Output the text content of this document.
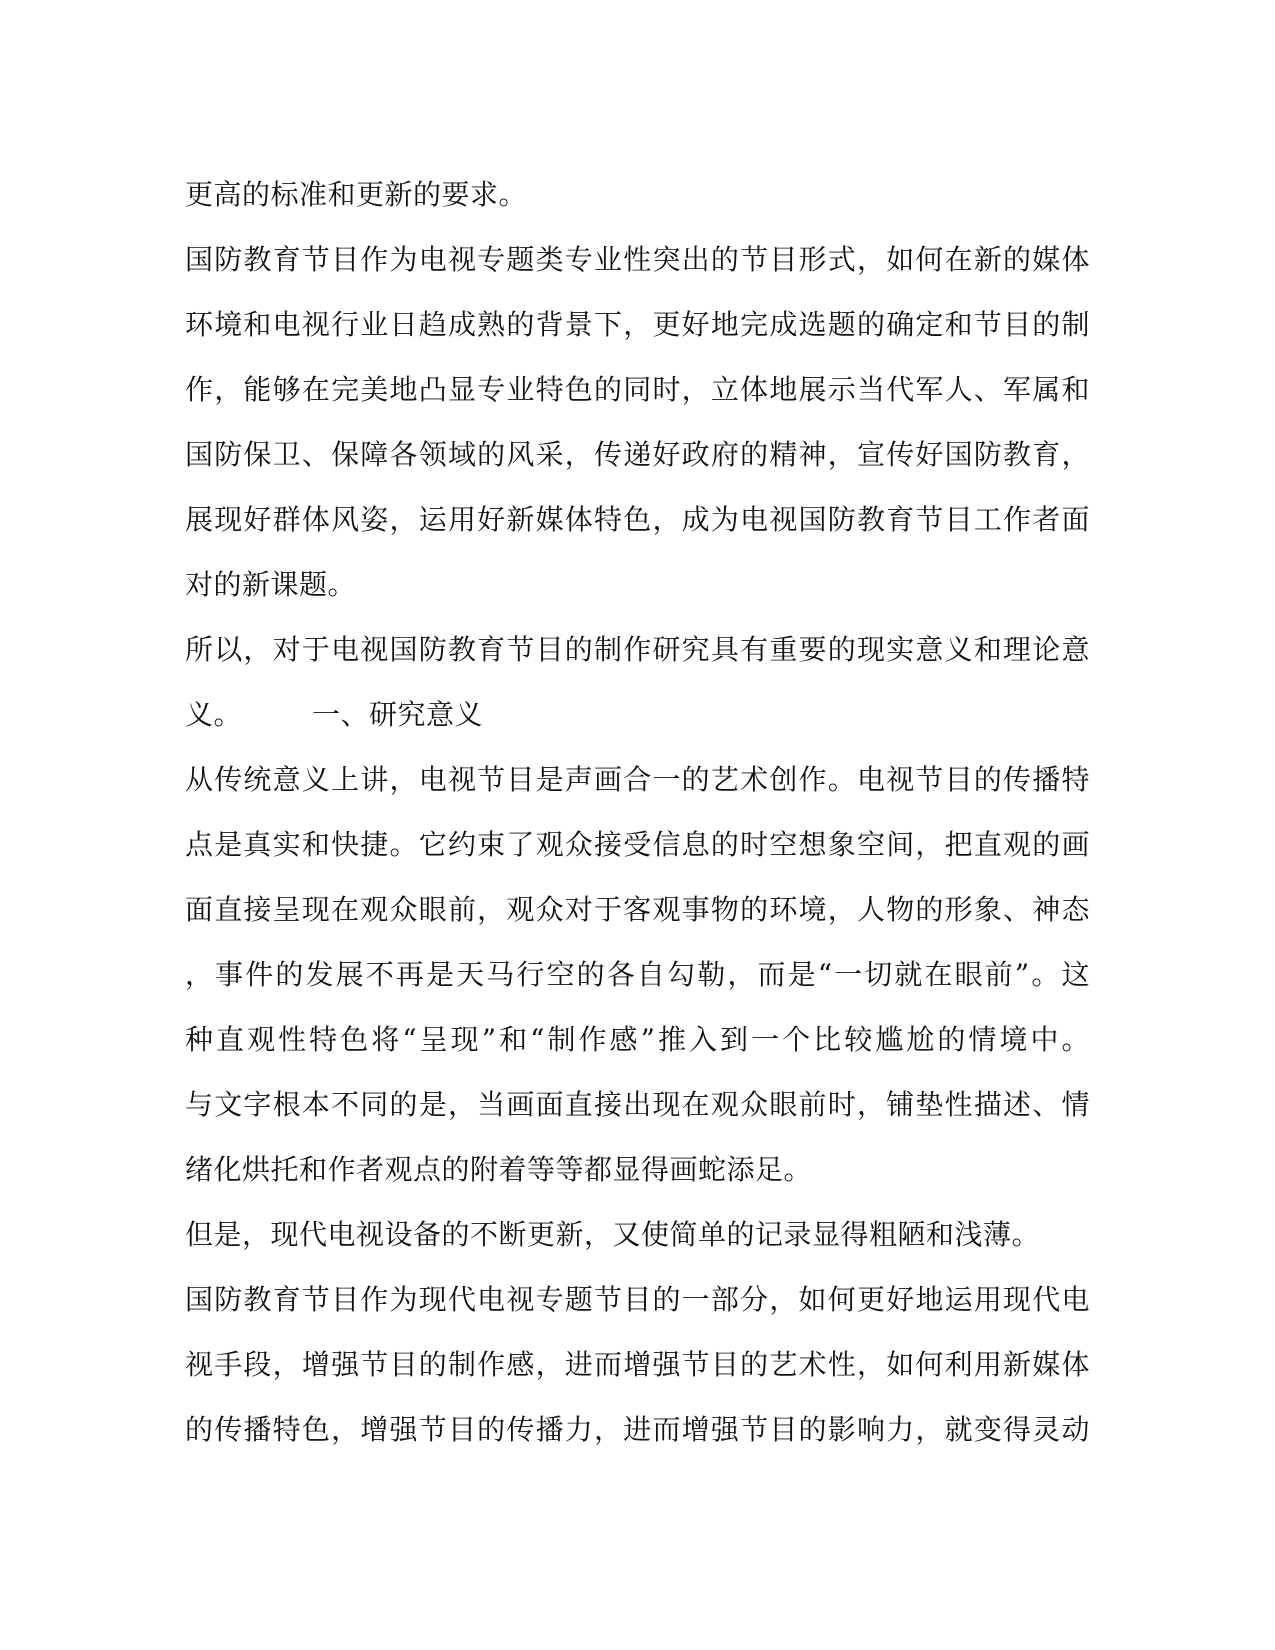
更高的标准和更新的要求。
国防教育节目作为电视专题类专业性突出的节目形式，如何在新的媒体
环境和电视行业日趋成熟的背景下，更好地完成选题的确定和节目的制
作，能够在完美地凸显专业特色的同时，立体地展示当代军人、军属和
国防保卫、保障各领域的风采，传递好政府的精神，宣传好国防教育，
展现好群体风姿，运用好新媒体特色，成为电视国防教育节目工作者面
对的新课题。
所以，对于电视国防教育节目的制作研究具有重要的现实意义和理论意
义。	一、研究意义
从传统意义上讲，电视节目是声画合一的艺术创作。电视节目的传播特
点是真实和快捷。它约束了观众接受信息的时空想象空间，把直观的画
面直接呈现在观众眼前，观众对于客观事物的环境，人物的形象、神态
，事件的发展不再是天马行空的各自勾勒，而是“一切就在眼前”。这
种直观性特色将“呈现”和“制作感”推入到一个比较尴尬的情境中。
与文字根本不同的是，当画面直接出现在观众眼前时，铺垫性描述、情
绪化烘托和作者观点的附着等等都显得画蛇添足。
但是，现代电视设备的不断更新，又使简单的记录显得粗陋和浅薄。
国防教育节目作为现代电视专题节目的一部分，如何更好地运用现代电
视手段，增强节目的制作感，进而增强节目的艺术性，如何利用新媒体
的传播特色，增强节目的传播力，进而增强节目的影响力，就变得灵动
